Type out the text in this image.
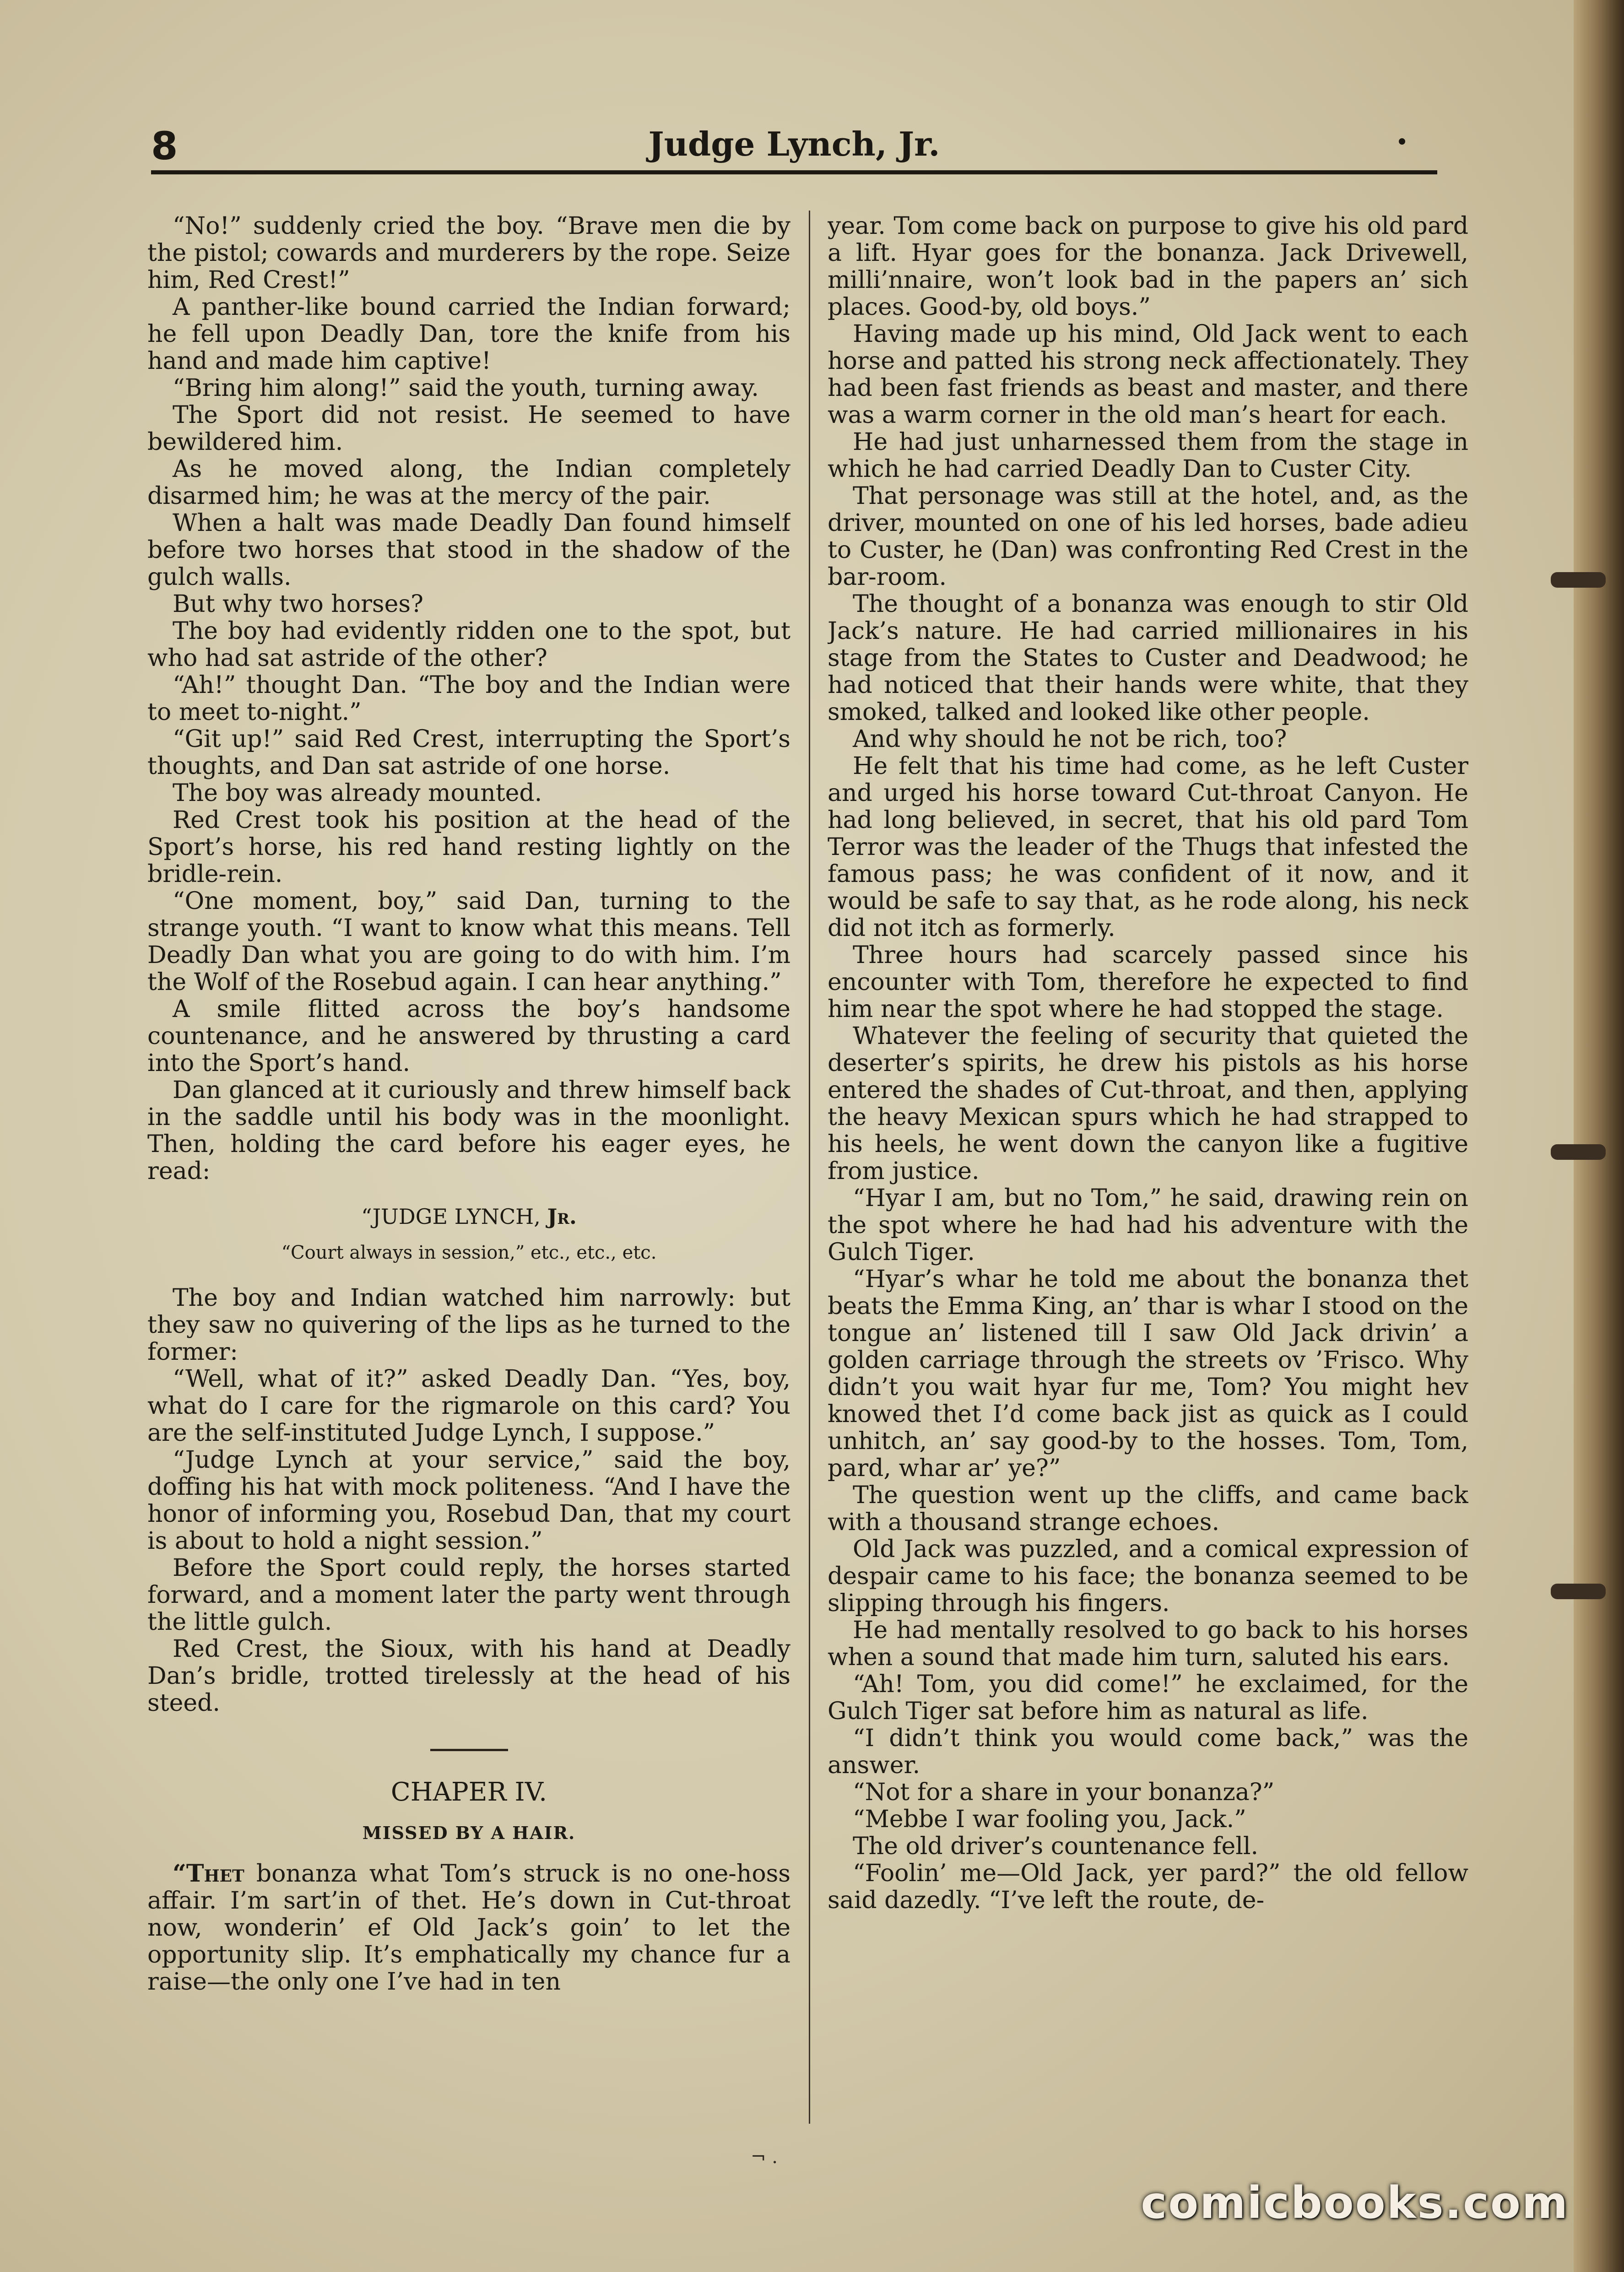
8	Judge Lynch, Jr.

“No!” suddenly cried the boy. “Brave men die by the pistol; cowards and murderers by the rope. Seize him, Red Crest!”

A panther-like bound carried the Indian forward; he fell upon Deadly Dan, tore the knife from his hand and made him captive!

“Bring him along!” said the youth, turning away.

The Sport did not resist. He seemed to have bewildered him.

As he moved along, the Indian completely disarmed him; he was at the mercy of the pair.

When a halt was made Deadly Dan found himself before two horses that stood in the shadow of the gulch walls.

But why two horses?

The boy had evidently ridden one to the spot, but who had sat astride of the other?

“Ah!” thought Dan. “The boy and the Indian were to meet to-night.”

“Git up!” said Red Crest, interrupting the Sport’s thoughts, and Dan sat astride of one horse.

The boy was already mounted.

Red Crest took his position at the head of the Sport’s horse, his red hand resting lightly on the bridle-rein.

“One moment, boy,” said Dan, turning to the strange youth. “I want to know what this means. Tell Deadly Dan what you are going to do with him. I’m the Wolf of the Rosebud again. I can hear anything.”

A smile flitted across the boy’s handsome countenance, and he answered by thrusting a card into the Sport’s hand.

Dan glanced at it curiously and threw himself back in the saddle until his body was in the moonlight. Then, holding the card before his eager eyes, he read:

“JUDGE LYNCH, Jr.

“Court always in session,” etc., etc., etc.

The boy and Indian watched him narrowly: but they saw no quivering of the lips as he turned to the former:

“Well, what of it?” asked Deadly Dan. “Yes, boy, what do I care for the rigmarole on this card? You are the self-instituted Judge Lynch, I suppose.”

“Judge Lynch at your service,” said the boy, doffing his hat with mock politeness. “And I have the honor of informing you, Rosebud Dan, that my court is about to hold a night session.”

Before the Sport could reply, the horses started forward, and a moment later the party went through the little gulch.

Red Crest, the Sioux, with his hand at Deadly Dan’s bridle, trotted tirelessly at the head of his steed.

CHAPER IV.

MISSED BY A HAIR.

“Thet bonanza what Tom’s struck is no one-hoss affair. I’m sart’in of thet. He’s down in Cut-throat now, wonderin’ ef Old Jack’s goin’ to let the opportunity slip. It’s emphatically my chance fur a raise—the only one I’ve had in ten

year. Tom come back on purpose to give his old pard a lift. Hyar goes for the bonanza. Jack Drivewell, milli’nnaire, won’t look bad in the papers an’ sich places. Good-by, old boys.”

Having made up his mind, Old Jack went to each horse and patted his strong neck affectionately. They had been fast friends as beast and master, and there was a warm corner in the old man’s heart for each.

He had just unharnessed them from the stage in which he had carried Deadly Dan to Custer City.

That personage was still at the hotel, and, as the driver, mounted on one of his led horses, bade adieu to Custer, he (Dan) was confronting Red Crest in the bar-room.

The thought of a bonanza was enough to stir Old Jack’s nature. He had carried millionaires in his stage from the States to Custer and Deadwood; he had noticed that their hands were white, that they smoked, talked and looked like other people.

And why should he not be rich, too?

He felt that his time had come, as he left Custer and urged his horse toward Cut-throat Canyon. He had long believed, in secret, that his old pard Tom Terror was the leader of the Thugs that infested the famous pass; he was confident of it now, and it would be safe to say that, as he rode along, his neck did not itch as formerly.

Three hours had scarcely passed since his encounter with Tom, therefore he expected to find him near the spot where he had stopped the stage.

Whatever the feeling of security that quieted the deserter’s spirits, he drew his pistols as his horse entered the shades of Cut-throat, and then, applying the heavy Mexican spurs which he had strapped to his heels, he went down the canyon like a fugitive from justice.

“Hyar I am, but no Tom,” he said, drawing rein on the spot where he had had his adventure with the Gulch Tiger.

“Hyar’s whar he told me about the bonanza thet beats the Emma King, an’ thar is whar I stood on the tongue an’ listened till I saw Old Jack drivin’ a golden carriage through the streets ov ’Frisco. Why didn’t you wait hyar fur me, Tom? You might hev knowed thet I’d come back jist as quick as I could unhitch, an’ say good-by to the hosses. Tom, Tom, pard, whar ar’ ye?”

The question went up the cliffs, and came back with a thousand strange echoes.

Old Jack was puzzled, and a comical expression of despair came to his face; the bonanza seemed to be slipping through his fingers.

He had mentally resolved to go back to his horses when a sound that made him turn, saluted his ears.

“Ah! Tom, you did come!” he exclaimed, for the Gulch Tiger sat before him as natural as life.

“I didn’t think you would come back,” was the answer.

“Not for a share in your bonanza?”

“Mebbe I war fooling you, Jack.”

The old driver’s countenance fell.

“Foolin’ me—Old Jack, yer pard?” the old fellow said dazedly. “I’ve left the route, de-

¬ .
comicbooks.com
